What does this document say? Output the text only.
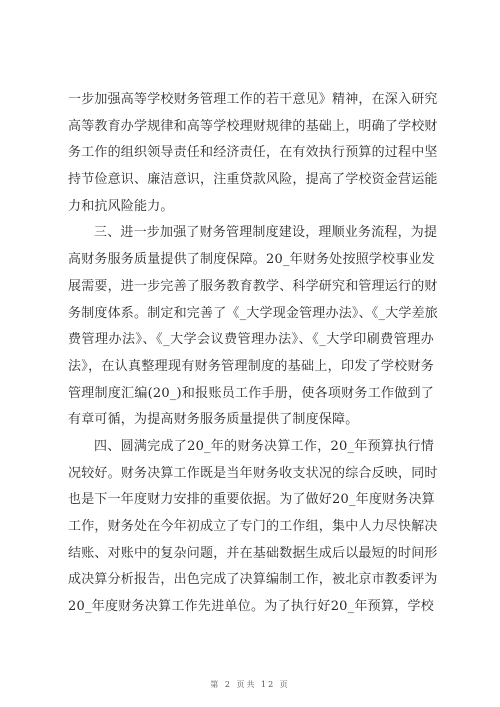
一步加强高等学校财务管理工作的若干意见》精神，在深入研究
高等教育办学规律和高等学校理财规律的基础上，明确了学校财
务工作的组织领导责任和经济责任，在有效执行预算的过程中坚
持节俭意识、廉洁意识，注重贷款风险，提高了学校资金营运能
力和抗风险能力。
三、进一步加强了财务管理制度建设，理顺业务流程，为提
高财务服务质量提供了制度保障。20_年财务处按照学校事业发
展需要，进一步完善了服务教育教学、科学研究和管理运行的财
务制度体系。制定和完善了《_大学现金管理办法》、《_大学差旅
费管理办法》、《_大学会议费管理办法》、《_大学印刷费管理办
法》，在认真整理现有财务管理制度的基础上，印发了学校财务
管理制度汇编(20_)和报账员工作手册，使各项财务工作做到了
有章可循，为提高财务服务质量提供了制度保障。
四、圆满完成了20_年的财务决算工作，20_年预算执行情
况较好。财务决算工作既是当年财务收支状况的综合反映，同时
也是下一年度财力安排的重要依据。为了做好20_年度财务决算
工作，财务处在今年初成立了专门的工作组，集中人力尽快解决
结账、对账中的复杂问题，并在基础数据生成后以最短的时间形
成决算分析报告，出色完成了决算编制工作，被北京市教委评为
20_年度财务决算工作先进单位。为了执行好20_年预算，学校
第 2 页共 12 页
